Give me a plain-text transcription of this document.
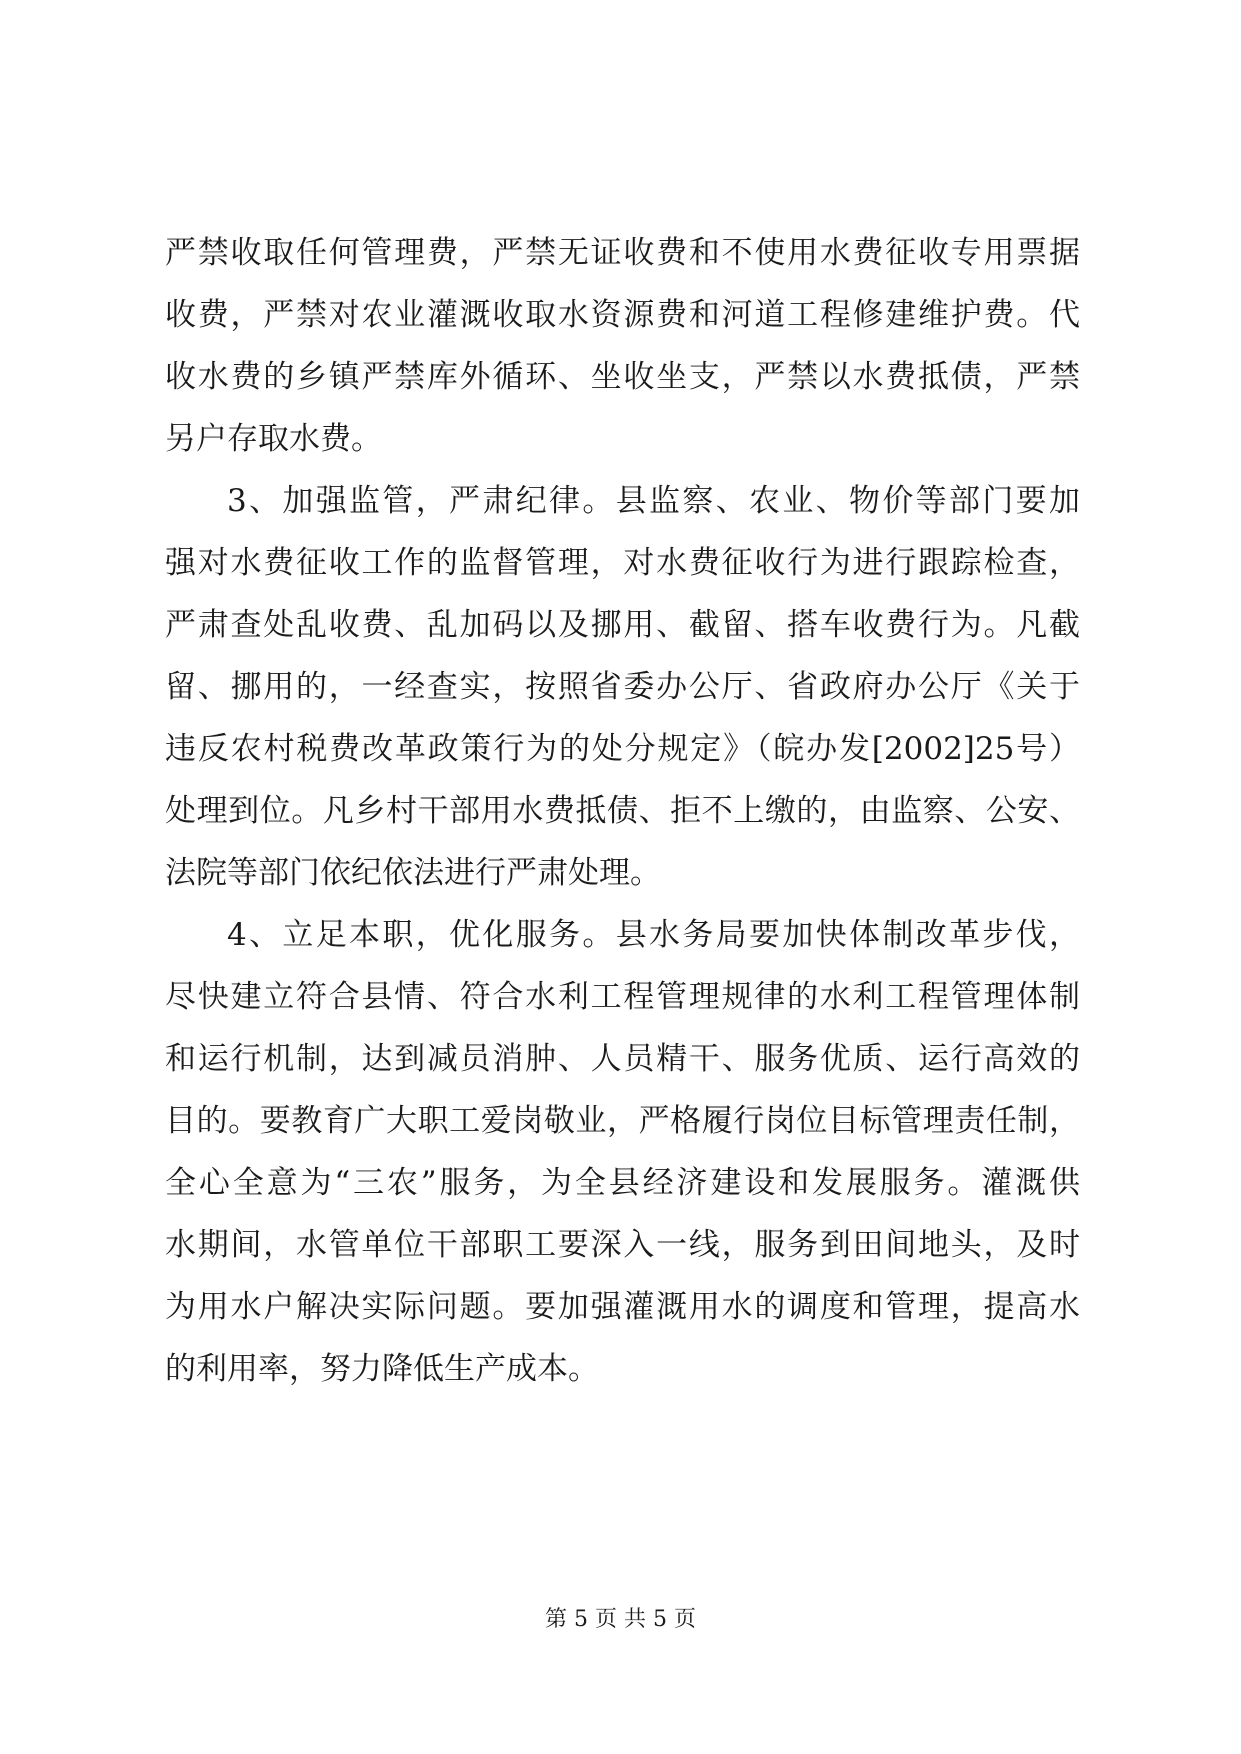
严禁收取任何管理费，严禁无证收费和不使用水费征收专用票据
收费，严禁对农业灌溉收取水资源费和河道工程修建维护费。代
收水费的乡镇严禁库外循环、坐收坐支，严禁以水费抵债，严禁
另户存取水费。
3、加强监管，严肃纪律。县监察、农业、物价等部门要加
强对水费征收工作的监督管理，对水费征收行为进行跟踪检查，
严肃查处乱收费、乱加码以及挪用、截留、搭车收费行为。凡截
留、挪用的，一经查实，按照省委办公厅、省政府办公厅《关于
违反农村税费改革政策行为的处分规定》（皖办发[2002]25号）
处理到位。凡乡村干部用水费抵债、拒不上缴的，由监察、公安、
法院等部门依纪依法进行严肃处理。
4、立足本职，优化服务。县水务局要加快体制改革步伐，
尽快建立符合县情、符合水利工程管理规律的水利工程管理体制
和运行机制，达到减员消肿、人员精干、服务优质、运行高效的
目的。要教育广大职工爱岗敬业，严格履行岗位目标管理责任制，
全心全意为“三农”服务，为全县经济建设和发展服务。灌溉供
水期间，水管单位干部职工要深入一线，服务到田间地头，及时
为用水户解决实际问题。要加强灌溉用水的调度和管理，提高水
的利用率，努力降低生产成本。
第 5 页 共 5 页
